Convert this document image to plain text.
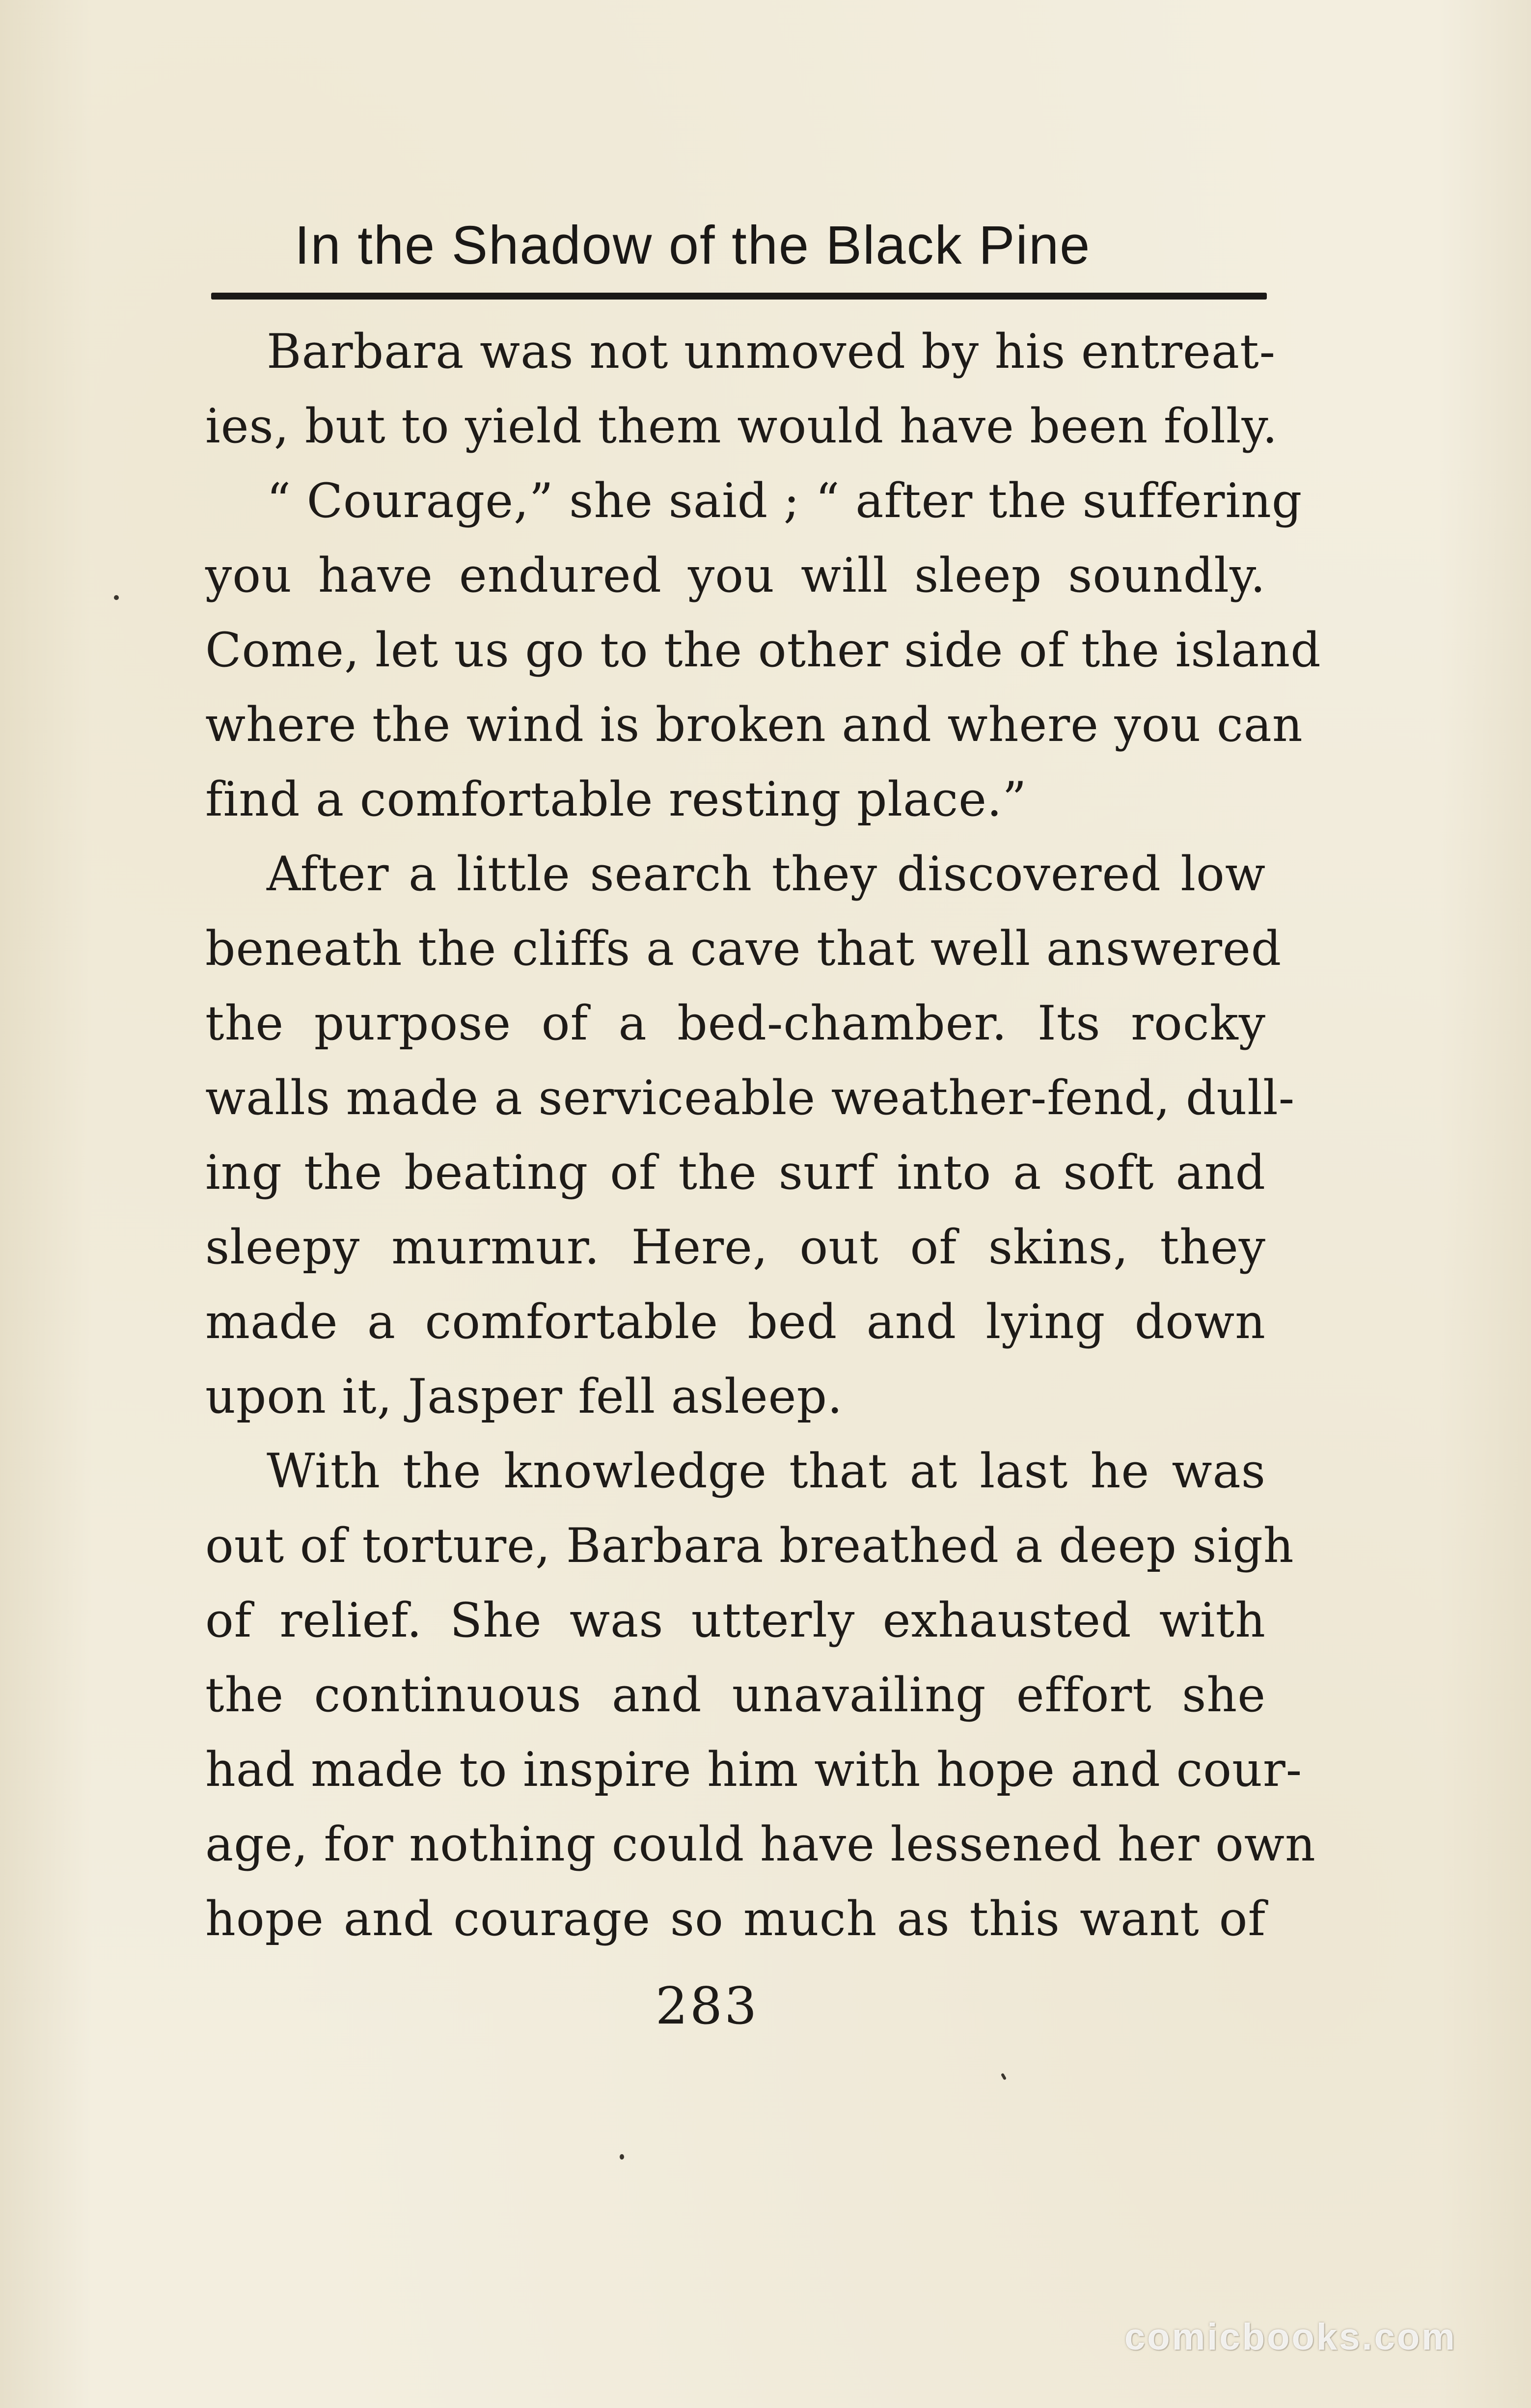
In the Shadow of the Black Pine
Barbara was not unmoved by his entreat-
ies, but to yield them would have been folly.
“ Courage,” she said ; “ after the suffering
you have endured you will sleep soundly.
Come, let us go to the other side of the island
where the wind is broken and where you can
find a comfortable resting place.”
After a little search they discovered low
beneath the cliffs a cave that well answered
the purpose of a bed-chamber. Its rocky
walls made a serviceable weather-fend, dull-
ing the beating of the surf into a soft and
sleepy murmur. Here, out of skins, they
made a comfortable bed and lying down
upon it, Jasper fell asleep.
With the knowledge that at last he was
out of torture, Barbara breathed a deep sigh
of relief. She was utterly exhausted with
the continuous and unavailing effort she
had made to inspire him with hope and cour-
age, for nothing could have lessened her own
hope and courage so much as this want of
283
comicbooks.com
